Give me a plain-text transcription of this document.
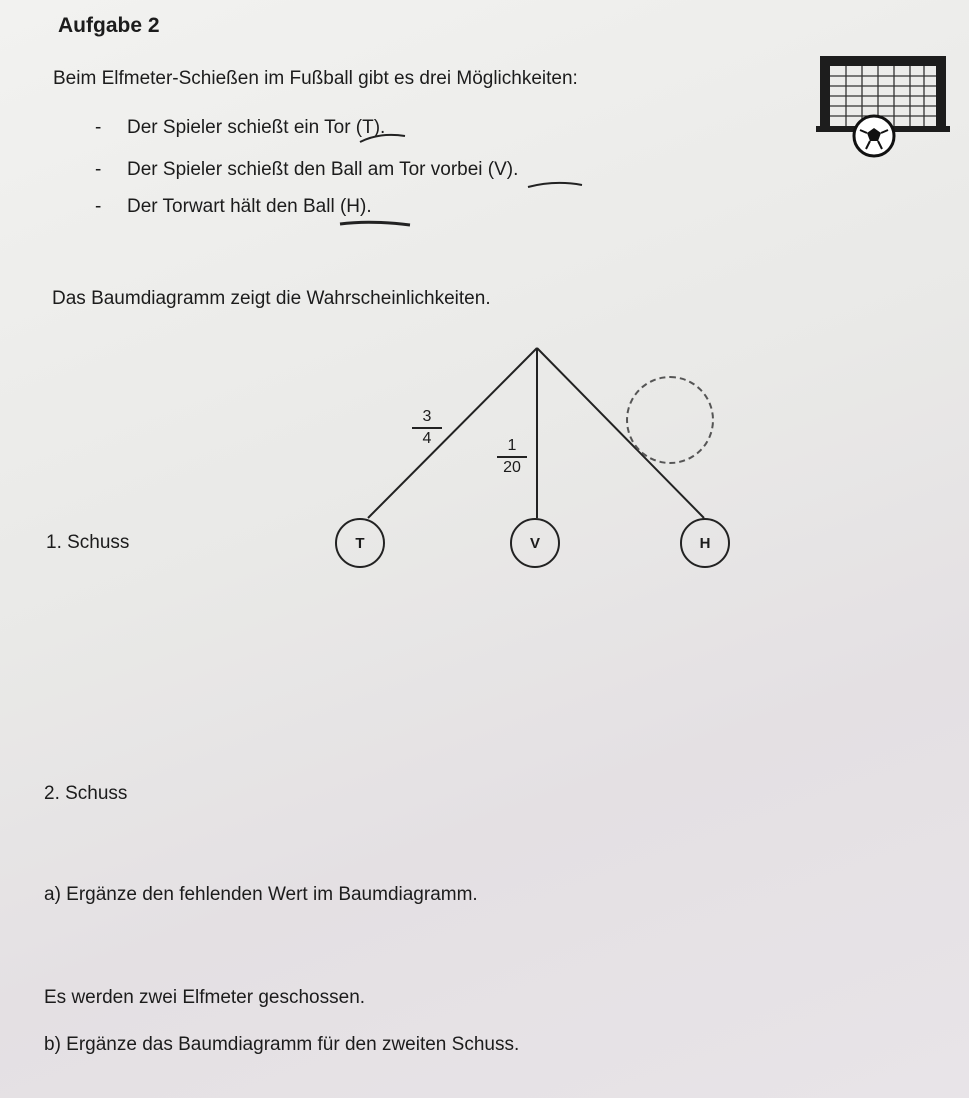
Aufgabe 2
Beim Elfmeter-Schießen im Fußball gibt es drei Möglichkeiten:
- Der Spieler schießt ein Tor (T).
- Der Spieler schießt den Ball am Tor vorbei (V).
- Der Torwart hält den Ball (H).
Das Baumdiagramm zeigt die Wahrscheinlichkeiten.
$\frac{3}{4}$
$\frac{1}{20}$
1. Schuss	T	V	H
2. Schuss
a) Ergänze den fehlenden Wert im Baumdiagramm.
Es werden zwei Elfmeter geschossen.
b) Ergänze das Baumdiagramm für den zweiten Schuss.
